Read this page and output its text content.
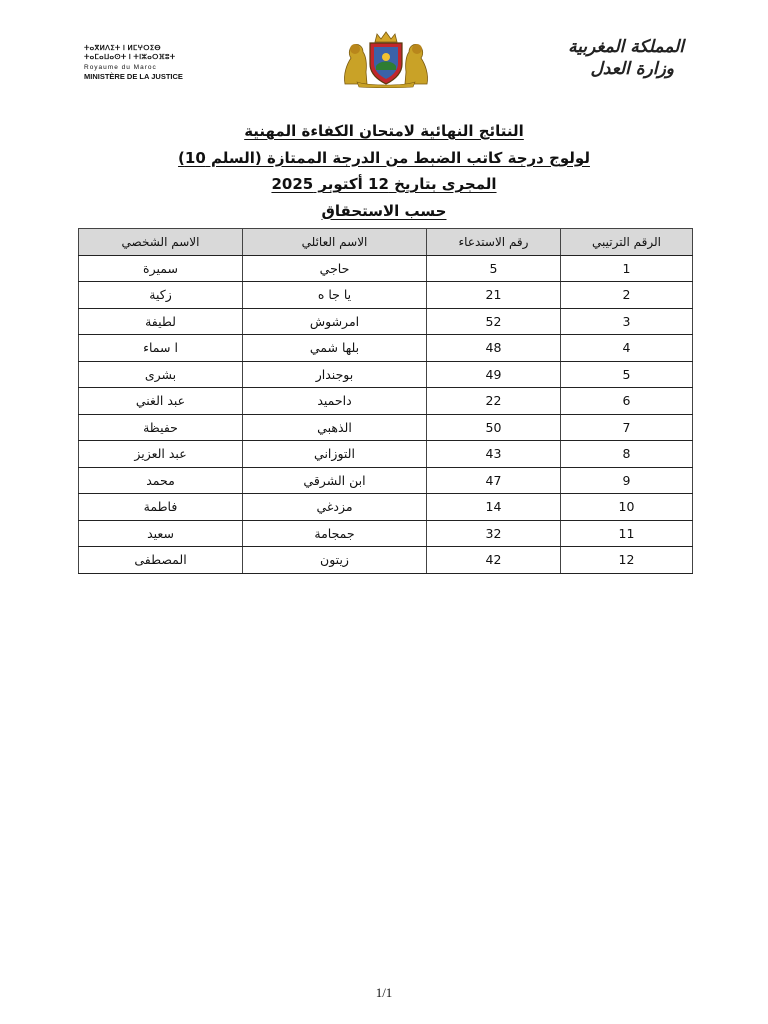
ⵜⴰⴳⵍⴷⵉⵜ ⵏ ⵍⵎⵖⵔⵉⴱ
ⵜⴰⵎⴰⵡⴰⵙⵜ ⵏ ⵜⵏⵣⴰⵔⴼⵓⵜ
Royaume du Maroc
MINISTÈRE DE LA JUSTICE
المملكة المغربية
وزارة العدل
النتائج النهائية لامتحان الكفاءة المهنية
لولوج درجة كاتب الضبط من الدرجة الممتازة (السلم 10)
المجرى بتاريخ 12 أكتوبر 2025
حسب الاستحقاق
الرقم الترتيبي	رقم الاستدعاء	الاسم العائلي	الاسم الشخصي
1	5	حاجي	سميرة
2	21	يا جا ه	زكية
3	52	امرشوش	لطيفة
4	48	بلها شمي	ا سماء
5	49	بوجندار	بشرى
6	22	داحميد	عبد الغني
7	50	الذهبي	حفيظة
8	43	التوزاني	عبد العزيز
9	47	ابن الشرقي	محمد
10	14	مزدغي	فاطمة
11	32	جمجامة	سعيد
12	42	زيتون	المصطفى
1/1
